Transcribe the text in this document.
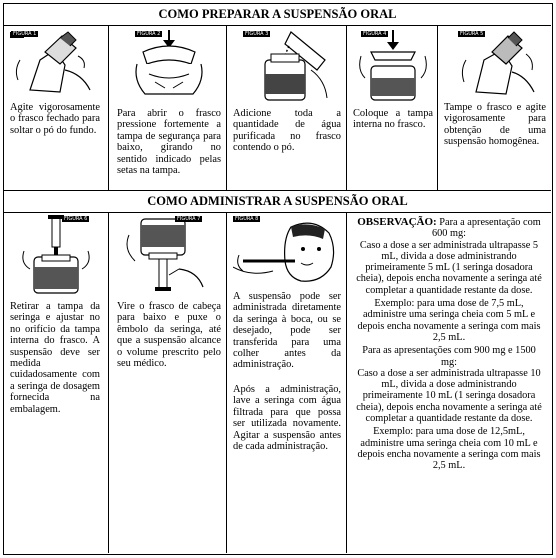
COMO PREPARAR A SUSPENSÃO ORAL
FIGURA 1
Agite vigorosamente o frasco fechado para soltar o pó do fundo.
FIGURA 2
Para abrir o frasco pressione fortemente a tampa de segurança para baixo, girando no sentido indicado pelas setas na tampa.
FIGURA 3
Adicione toda a quantidade de água purificada no frasco contendo o pó.
FIGURA 4
Coloque a tampa interna no frasco.
FIGURA 5
Tampe o frasco e agite vigorosamente para obtenção de uma suspensão homogênea.
COMO ADMINISTRAR A SUSPENSÃO ORAL
FIGURA 6
Retirar a tampa da seringa e ajustar no no orifício da tampa interna do frasco. A suspensão deve ser medida cuidadosamente com a seringa de dosagem fornecida na embalagem.
FIGURA 7
Vire o frasco de cabeça para baixo e puxe o êmbolo da seringa, até que a suspensão alcance o volume prescrito pelo seu médico.
FIGURA 8
A suspensão pode ser administrada diretamente da seringa à boca, ou se desejado, pode ser transferida para uma colher antes da administração.
Após a administração, lave a seringa com água filtrada para que possa ser utilizada novamente. Agitar a suspensão antes de cada administração.
OBSERVAÇÃO: Para a apresentação com 600 mg:
Caso a dose a ser administrada ultrapasse 5 mL, divida a dose administrando primeiramente 5 mL (1 seringa dosadora cheia), depois encha novamente a seringa até completar a quantidade restante da dose.
Exemplo: para uma dose de 7,5 mL, administre uma seringa cheia com 5 mL e depois encha novamente a seringa com mais 2,5 mL.
Para as apresentações com 900 mg e 1500 mg:
Caso a dose a ser administrada ultrapasse 10 mL, divida a dose administrando primeiramente 10 mL (1 seringa dosadora cheia), depois encha novamente a seringa até completar a quantidade restante da dose.
Exemplo: para uma dose de 12,5mL, administre uma seringa cheia com 10 mL e depois encha novamente a seringa com mais 2,5 mL.
